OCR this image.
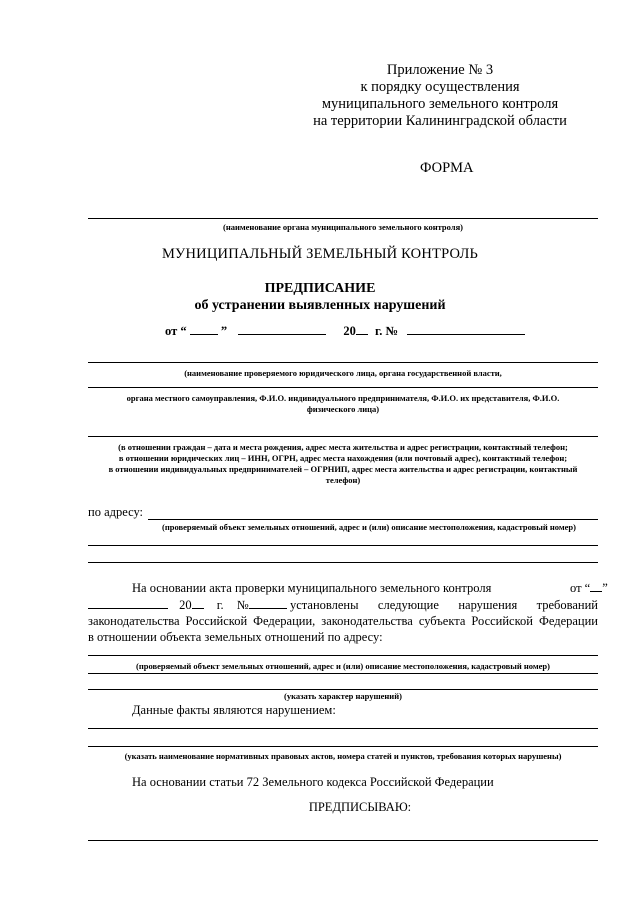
Приложение № 3
к порядку осуществления
муниципального земельного контроля
на территории Калининградской области
ФОРМА
(наименование органа муниципального земельного контроля)
МУНИЦИПАЛЬНЫЙ ЗЕМЕЛЬНЫЙ КОНТРОЛЬ
ПРЕДПИСАНИЕ
об устранении выявленных нарушений
от “	”	20 г. №
(наименование проверяемого юридического лица, органа государственной власти,
органа местного самоуправления, Ф.И.О. индивидуального предпринимателя, Ф.И.О. их представителя, Ф.И.О.
физического лица)
(в отношении граждан – дата и места рождения, адрес места жительства и адрес регистрации, контактный телефон;
в отношении юридических лиц – ИНН, ОГРН, адрес места нахождения (или почтовый адрес), контактный телефон;
в отношении индивидуальных предпринимателей – ОГРНИП, адрес места жительства и адрес регистрации, контактный
телефон)
по адресу:
(проверяемый объект земельных отношений, адрес и (или) описание местоположения, кадастровый номер)
На основании акта проверки муниципального земельного контроля	от “ ”
20 г. №	установлены следующие нарушения требований
законодательства Российской Федерации, законодательства субъекта Российской Федерации
в отношении объекта земельных отношений по адресу:
(проверяемый объект земельных отношений, адрес и (или) описание местоположения, кадастровый номер)
(указать характер нарушений)
Данные факты являются нарушением:
(указать наименование нормативных правовых актов, номера статей и пунктов, требования которых нарушены)
На основании статьи 72 Земельного кодекса Российской Федерации
ПРЕДПИСЫВАЮ:
